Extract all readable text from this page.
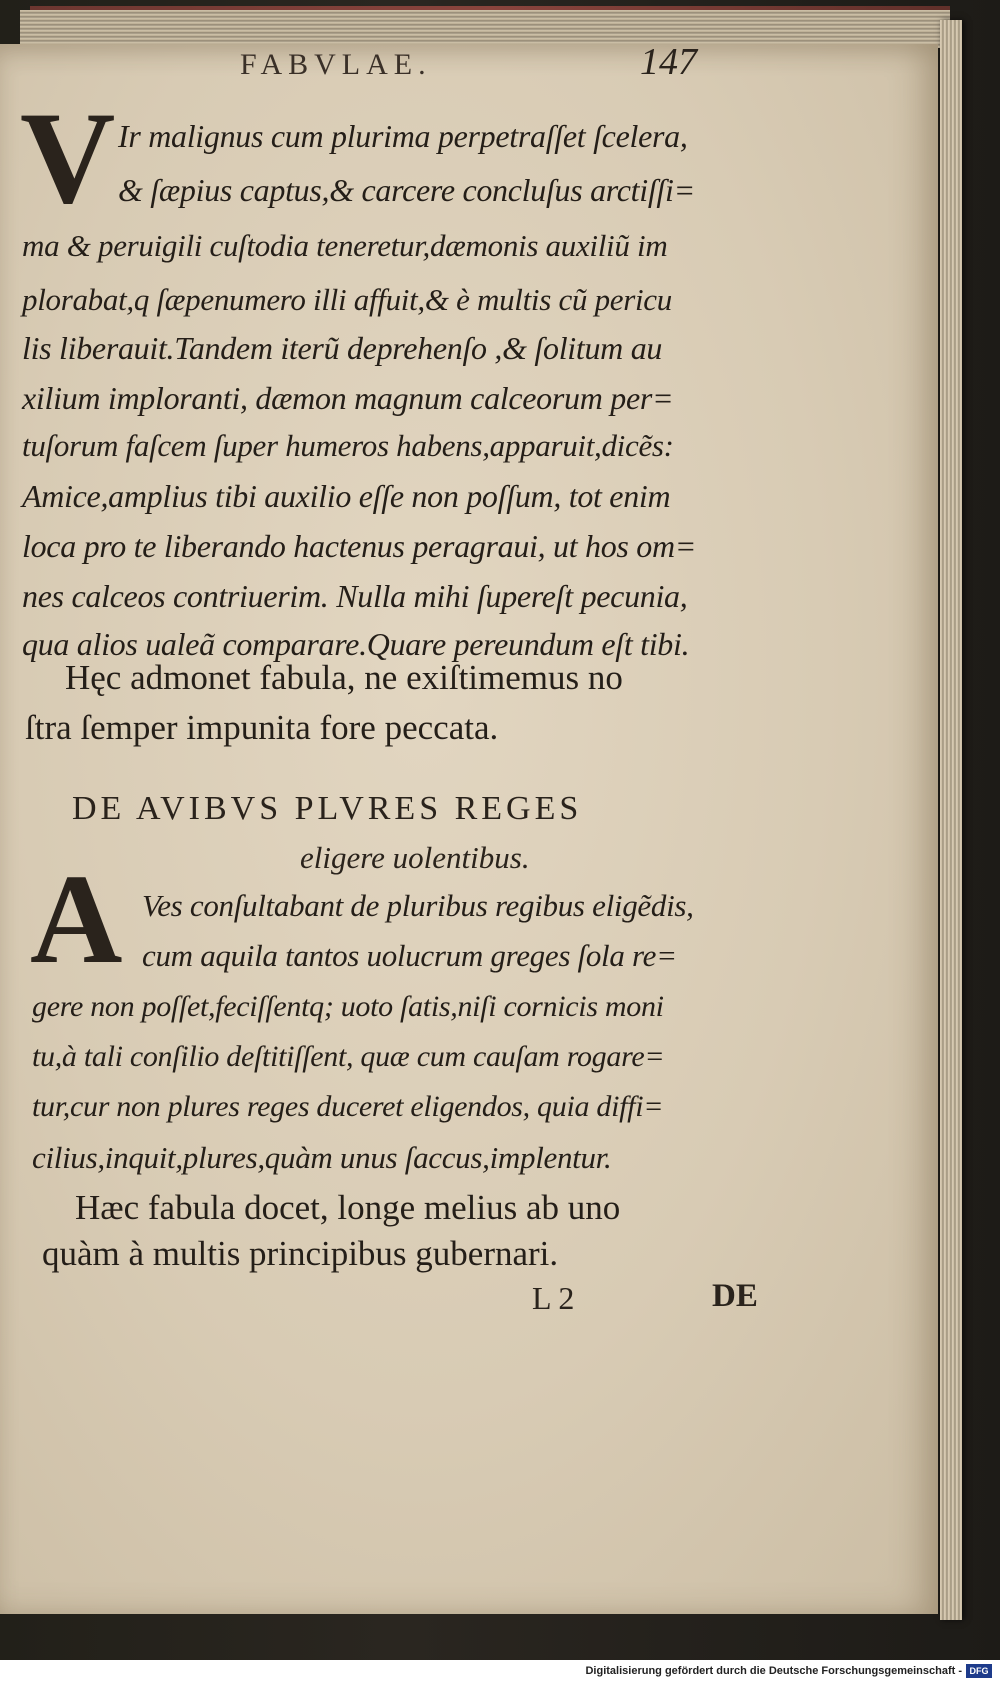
FABVLAE.	147
V Ir malignus cum plurima perpetraſſet ſcelera,
& ſæpius captus,& carcere concluſus arctiſſi=
ma & peruigili cuſtodia teneretur,dæmonis auxiliũ im
plorabat,q ſæpenumero illi affuit,& è multis cũ pericu
lis liberauit.Tandem iterũ deprehenſo ,& ſolitum au
xilium imploranti, dæmon magnum calceorum per=
tuſorum faſcem ſuper humeros habens,apparuit,dicẽs:
Amice,amplius tibi auxilio eſſe non poſſum, tot enim
loca pro te liberando hactenus peragraui, ut hos om=
nes calceos contriuerim. Nulla mihi ſupereſt pecunia,
qua alios ualeã comparare.Quare pereundum eſt tibi.
Hęc admonet fabula, ne exiſtimemus no
ſtra ſemper impunita fore peccata.
DE AVIBVS PLVRES REGES
eligere uolentibus.
A Ves conſultabant de pluribus regibus eligẽdis,
cum aquila tantos uolucrum greges ſola re=
gere non poſſet,feciſſentq; uoto ſatis,niſi cornicis moni
tu,à tali conſilio deſtitiſſent, quæ cum cauſam rogare=
tur,cur non plures reges duceret eligendos, quia diffi=
cilius,inquit,plures,quàm unus ſaccus,implentur.
Hæc fabula docet, longe melius ab uno
quàm à multis principibus gubernari.
L 2	DE
Digitalisierung gefördert durch die Deutsche Forschungsgemeinschaft - DFG
